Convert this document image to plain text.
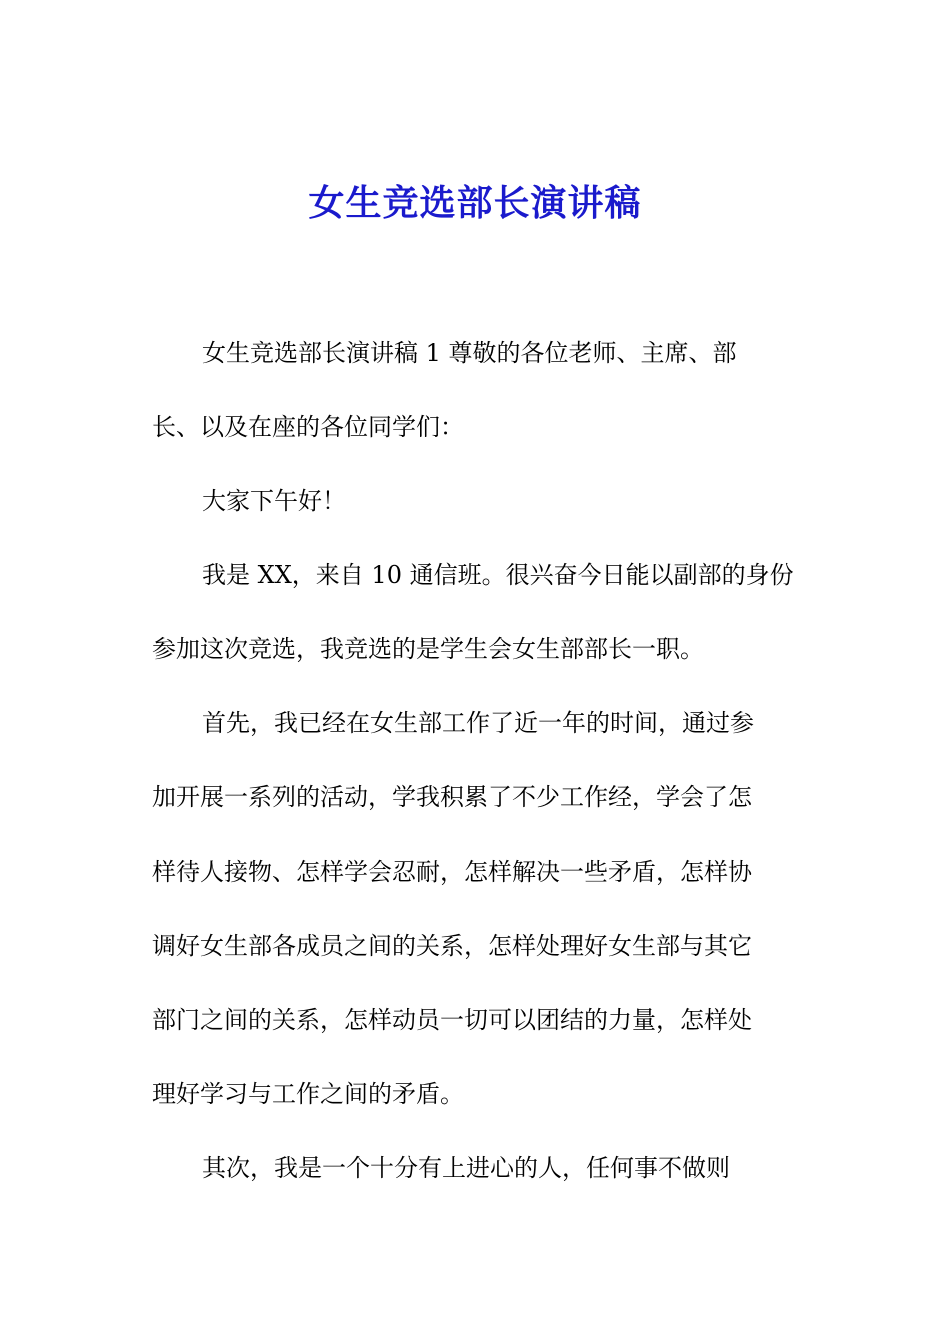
女生竞选部长演讲稿
女生竞选部长演讲稿 1 尊敬的各位老师、主席、部
长、以及在座的各位同学们：
大家下午好！
我是 XX，来自 10 通信班。很兴奋今日能以副部的身份
参加这次竞选，我竞选的是学生会女生部部长一职。
首先，我已经在女生部工作了近一年的时间，通过参
加开展一系列的活动，学我积累了不少工作经，学会了怎
样待人接物、怎样学会忍耐，怎样解决一些矛盾，怎样协
调好女生部各成员之间的关系，怎样处理好女生部与其它
部门之间的关系，怎样动员一切可以团结的力量，怎样处
理好学习与工作之间的矛盾。
其次，我是一个十分有上进心的人，任何事不做则
